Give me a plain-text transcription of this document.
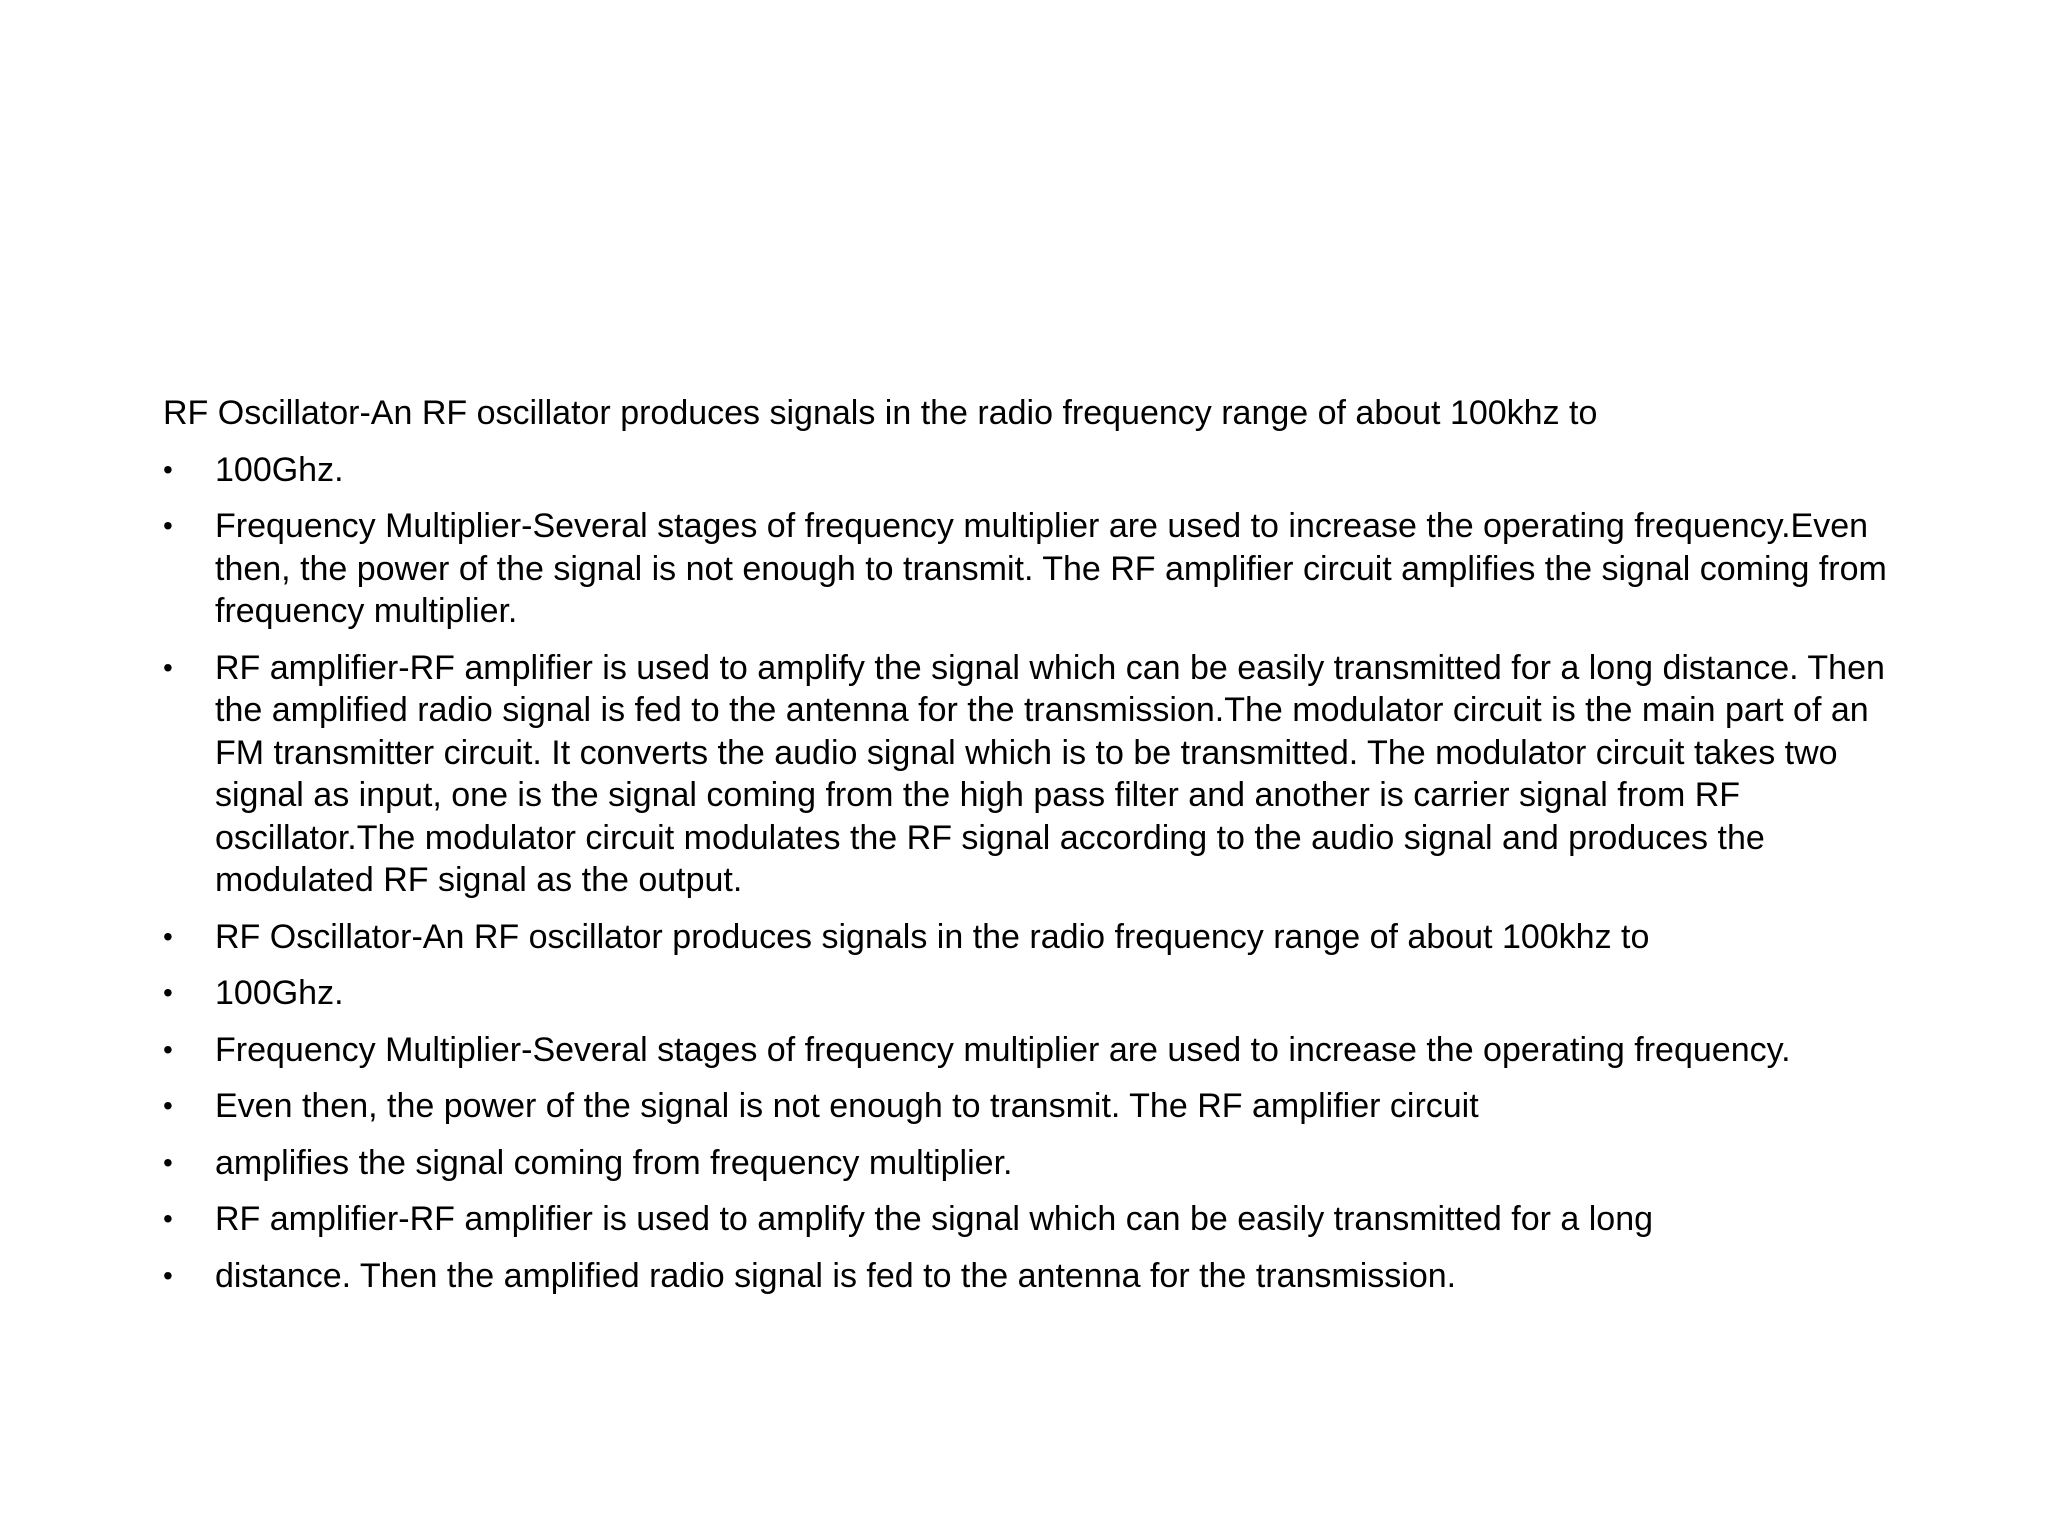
RF Oscillator-An RF oscillator produces signals in the radio frequency range of about 100khz to

•	100Ghz.
•	Frequency Multiplier-Several stages of frequency multiplier are used to increase the operating frequency.Even then, the power of the signal is not enough to transmit. The RF amplifier circuit amplifies the signal coming from frequency multiplier.
•	RF amplifier-RF amplifier is used to amplify the signal which can be easily transmitted for a long distance. Then the amplified radio signal is fed to the antenna for the transmission.The modulator circuit is the main part of an FM transmitter circuit. It converts the audio signal which is to be transmitted. The modulator circuit takes two signal as input, one is the signal coming from the high pass filter and another is carrier signal from RF oscillator.The modulator circuit modulates the RF signal according to the audio signal and produces the modulated RF signal as the output.
•	RF Oscillator-An RF oscillator produces signals in the radio frequency range of about 100khz to
•	100Ghz.
•	Frequency Multiplier-Several stages of frequency multiplier are used to increase the operating frequency.
•	Even then, the power of the signal is not enough to transmit. The RF amplifier circuit
•	amplifies the signal coming from frequency multiplier.
•	RF amplifier-RF amplifier is used to amplify the signal which can be easily transmitted for a long
•	distance. Then the amplified radio signal is fed to the antenna for the transmission.
